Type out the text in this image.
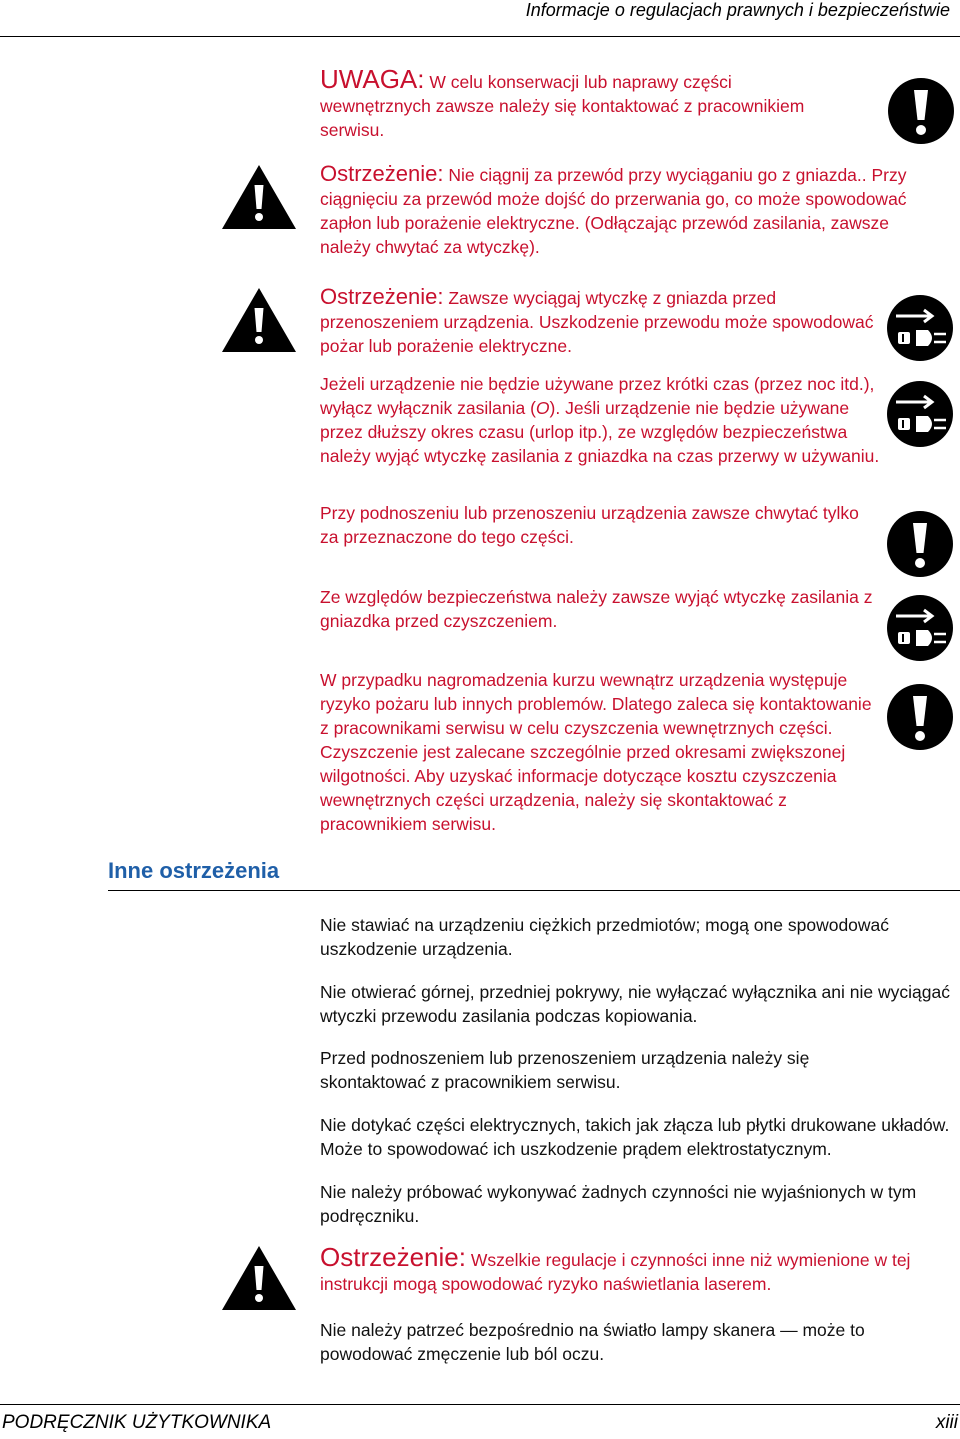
Informacje o regulacjach prawnych i bezpieczeństwie
UWAGA: W celu konserwacji lub naprawy części wewnętrznych zawsze należy się kontaktować z pracownikiem serwisu.
Ostrzeżenie: Nie ciągnij za przewód przy wyciąganiu go z gniazda.. Przy ciągnięciu za przewód może dojść do przerwania go, co może spowodować zapłon lub porażenie elektryczne. (Odłączając przewód zasilania, zawsze należy chwytać za wtyczkę).
Ostrzeżenie: Zawsze wyciągaj wtyczkę z gniazda przed przenoszeniem urządzenia. Uszkodzenie przewodu może spowodować pożar lub porażenie elektryczne.
Jeżeli urządzenie nie będzie używane przez krótki czas (przez noc itd.), wyłącz wyłącznik zasilania (O). Jeśli urządzenie nie będzie używane przez dłuższy okres czasu (urlop itp.), ze względów bezpieczeństwa należy wyjąć wtyczkę zasilania z gniazdka na czas przerwy w używaniu.
Przy podnoszeniu lub przenoszeniu urządzenia zawsze chwytać tylko za przeznaczone do tego części.
Ze względów bezpieczeństwa należy zawsze wyjąć wtyczkę zasilania z gniazdka przed czyszczeniem.
W przypadku nagromadzenia kurzu wewnątrz urządzenia występuje ryzyko pożaru lub innych problemów. Dlatego zaleca się kontaktowanie z pracownikami serwisu w celu czyszczenia wewnętrznych części. Czyszczenie jest zalecane szczególnie przed okresami zwiększonej wilgotności. Aby uzyskać informacje dotyczące kosztu czyszczenia wewnętrznych części urządzenia, należy się skontaktować z pracownikiem serwisu.
Inne ostrzeżenia
Nie stawiać na urządzeniu ciężkich przedmiotów; mogą one spowodować uszkodzenie urządzenia.
Nie otwierać górnej, przedniej pokrywy, nie wyłączać wyłącznika ani nie wyciągać wtyczki przewodu zasilania podczas kopiowania.
Przed podnoszeniem lub przenoszeniem urządzenia należy się skontaktować z pracownikiem serwisu.
Nie dotykać części elektrycznych, takich jak złącza lub płytki drukowane układów. Może to spowodować ich uszkodzenie prądem elektrostatycznym.
Nie należy próbować wykonywać żadnych czynności nie wyjaśnionych w tym podręczniku.
Ostrzeżenie: Wszelkie regulacje i czynności inne niż wymienione w tej instrukcji mogą spowodować ryzyko naświetlania laserem.
Nie należy patrzeć bezpośrednio na światło lampy skanera — może to powodować zmęczenie lub ból oczu.
PODRĘCZNIK UŻYTKOWNIKA	xiii
